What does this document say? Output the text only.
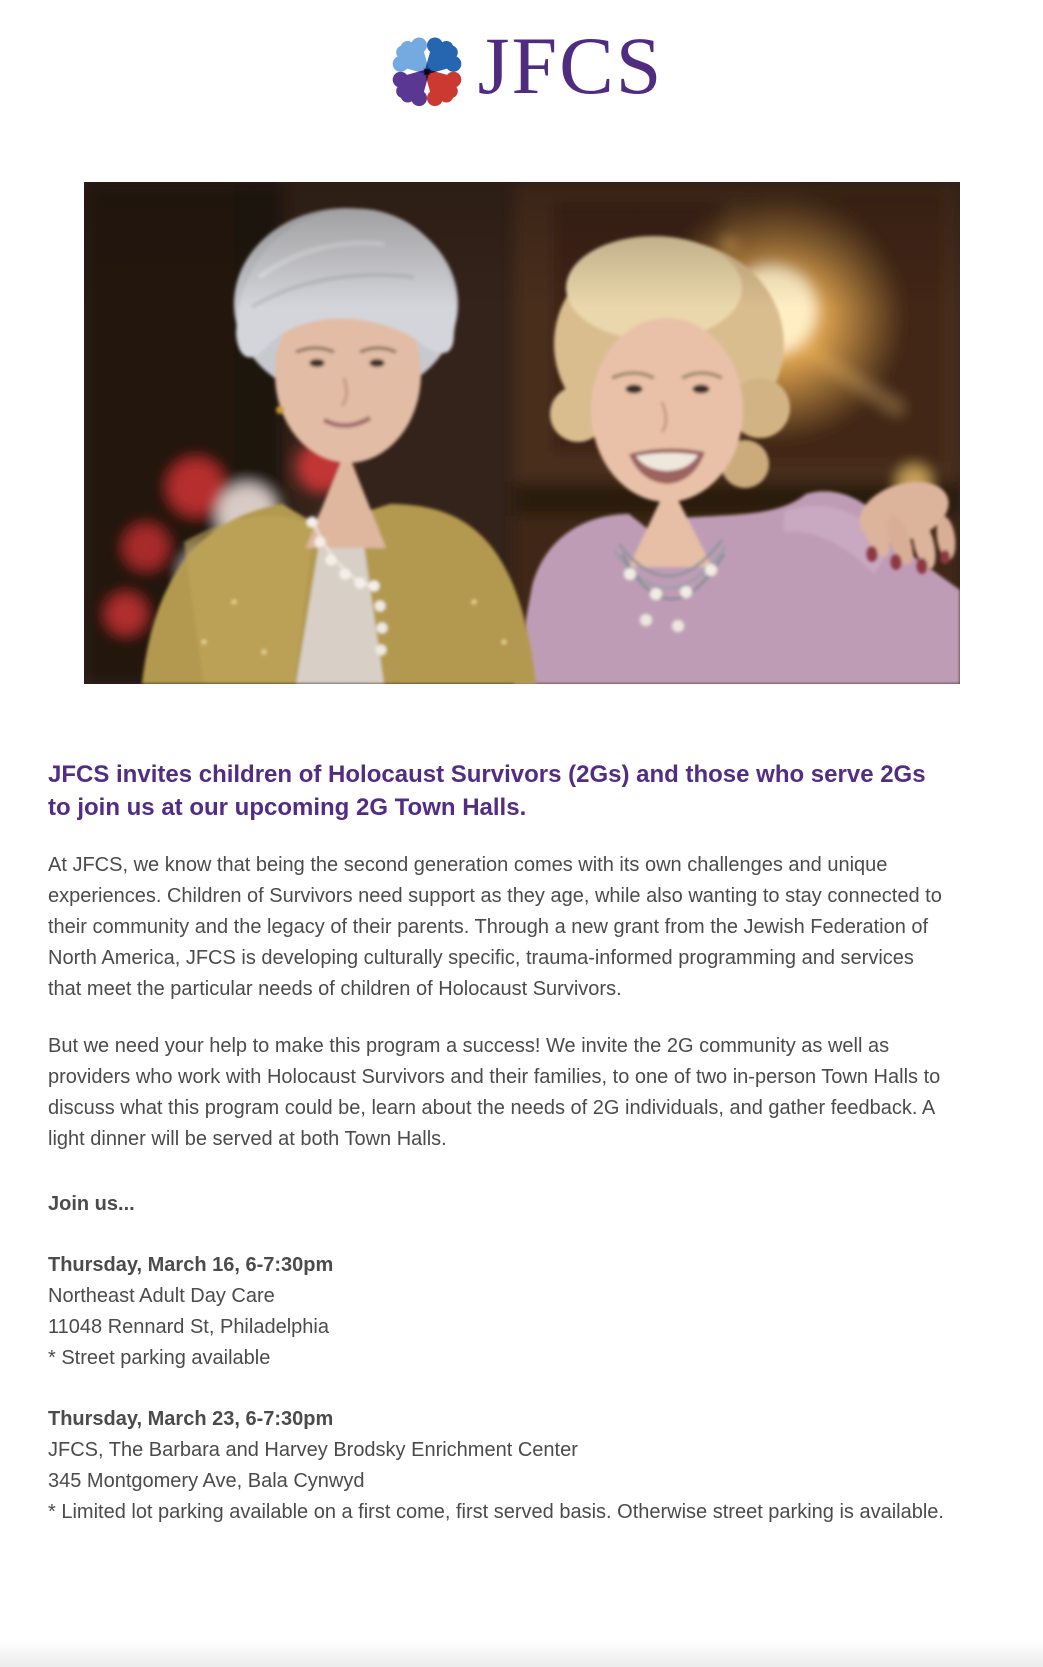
JFCS
JFCS invites children of Holocaust Survivors (2Gs) and those who serve 2Gs to join us at our upcoming 2G Town Halls.

At JFCS, we know that being the second generation comes with its own challenges and unique experiences. Children of Survivors need support as they age, while also wanting to stay connected to their community and the legacy of their parents. Through a new grant from the Jewish Federation of North America, JFCS is developing culturally specific, trauma-informed programming and services that meet the particular needs of children of Holocaust Survivors.

But we need your help to make this program a success! We invite the 2G community as well as providers who work with Holocaust Survivors and their families, to one of two in-person Town Halls to discuss what this program could be, learn about the needs of 2G individuals, and gather feedback. A light dinner will be served at both Town Halls.

Join us...
Thursday, March 16, 6-7:30pm
Northeast Adult Day Care
11048 Rennard St, Philadelphia
* Street parking available
Thursday, March 23, 6-7:30pm
JFCS, The Barbara and Harvey Brodsky Enrichment Center
345 Montgomery Ave, Bala Cynwyd
* Limited lot parking available on a first come, first served basis. Otherwise street parking is available.
